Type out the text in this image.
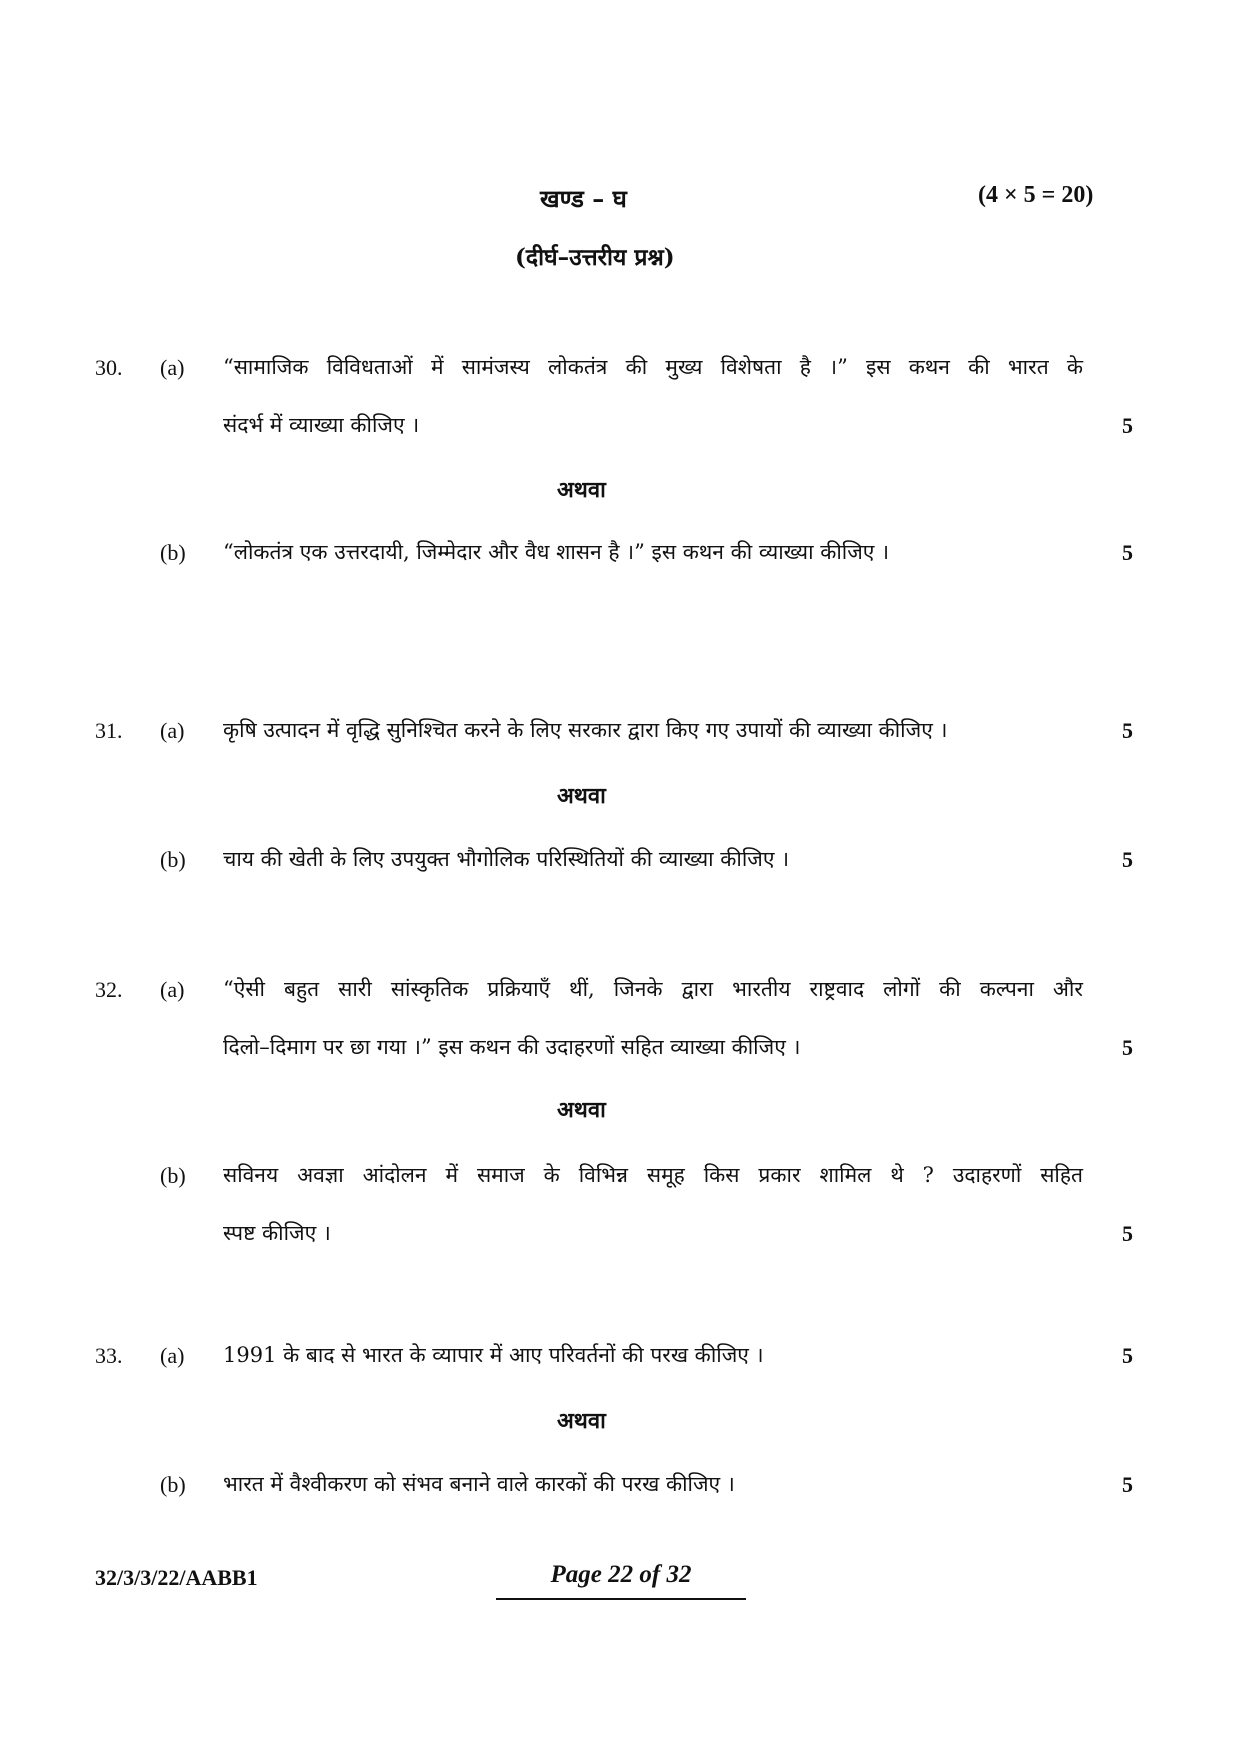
खण्ड – घ	(4 × 5 = 20)
(दीर्घ–उत्तरीय प्रश्न)
30. (a) “सामाजिक विविधताओं में सामंजस्य लोकतंत्र की मुख्य विशेषता है ।” इस कथन की भारत के
संदर्भ में व्याख्या कीजिए ।	5
अथवा
(b) “लोकतंत्र एक उत्तरदायी, जिम्मेदार और वैध शासन है ।” इस कथन की व्याख्या कीजिए ।	5
31. (a) कृषि उत्पादन में वृद्धि सुनिश्चित करने के लिए सरकार द्वारा किए गए उपायों की व्याख्या कीजिए ।	5
अथवा
(b) चाय की खेती के लिए उपयुक्त भौगोलिक परिस्थितियों की व्याख्या कीजिए ।	5
32. (a) “ऐसी बहुत सारी सांस्कृतिक प्रक्रियाएँ थीं, जिनके द्वारा भारतीय राष्ट्रवाद लोगों की कल्पना और
दिलो–दिमाग पर छा गया ।” इस कथन की उदाहरणों सहित व्याख्या कीजिए ।	5
अथवा
(b) सविनय अवज्ञा आंदोलन में समाज के विभिन्न समूह किस प्रकार शामिल थे ? उदाहरणों सहित
स्पष्ट कीजिए ।	5
33. (a) 1991 के बाद से भारत के व्यापार में आए परिवर्तनों की परख कीजिए ।	5
अथवा
(b) भारत में वैश्वीकरण को संभव बनाने वाले कारकों की परख कीजिए ।	5
32/3/3/22/AABB1	Page 22 of 32
